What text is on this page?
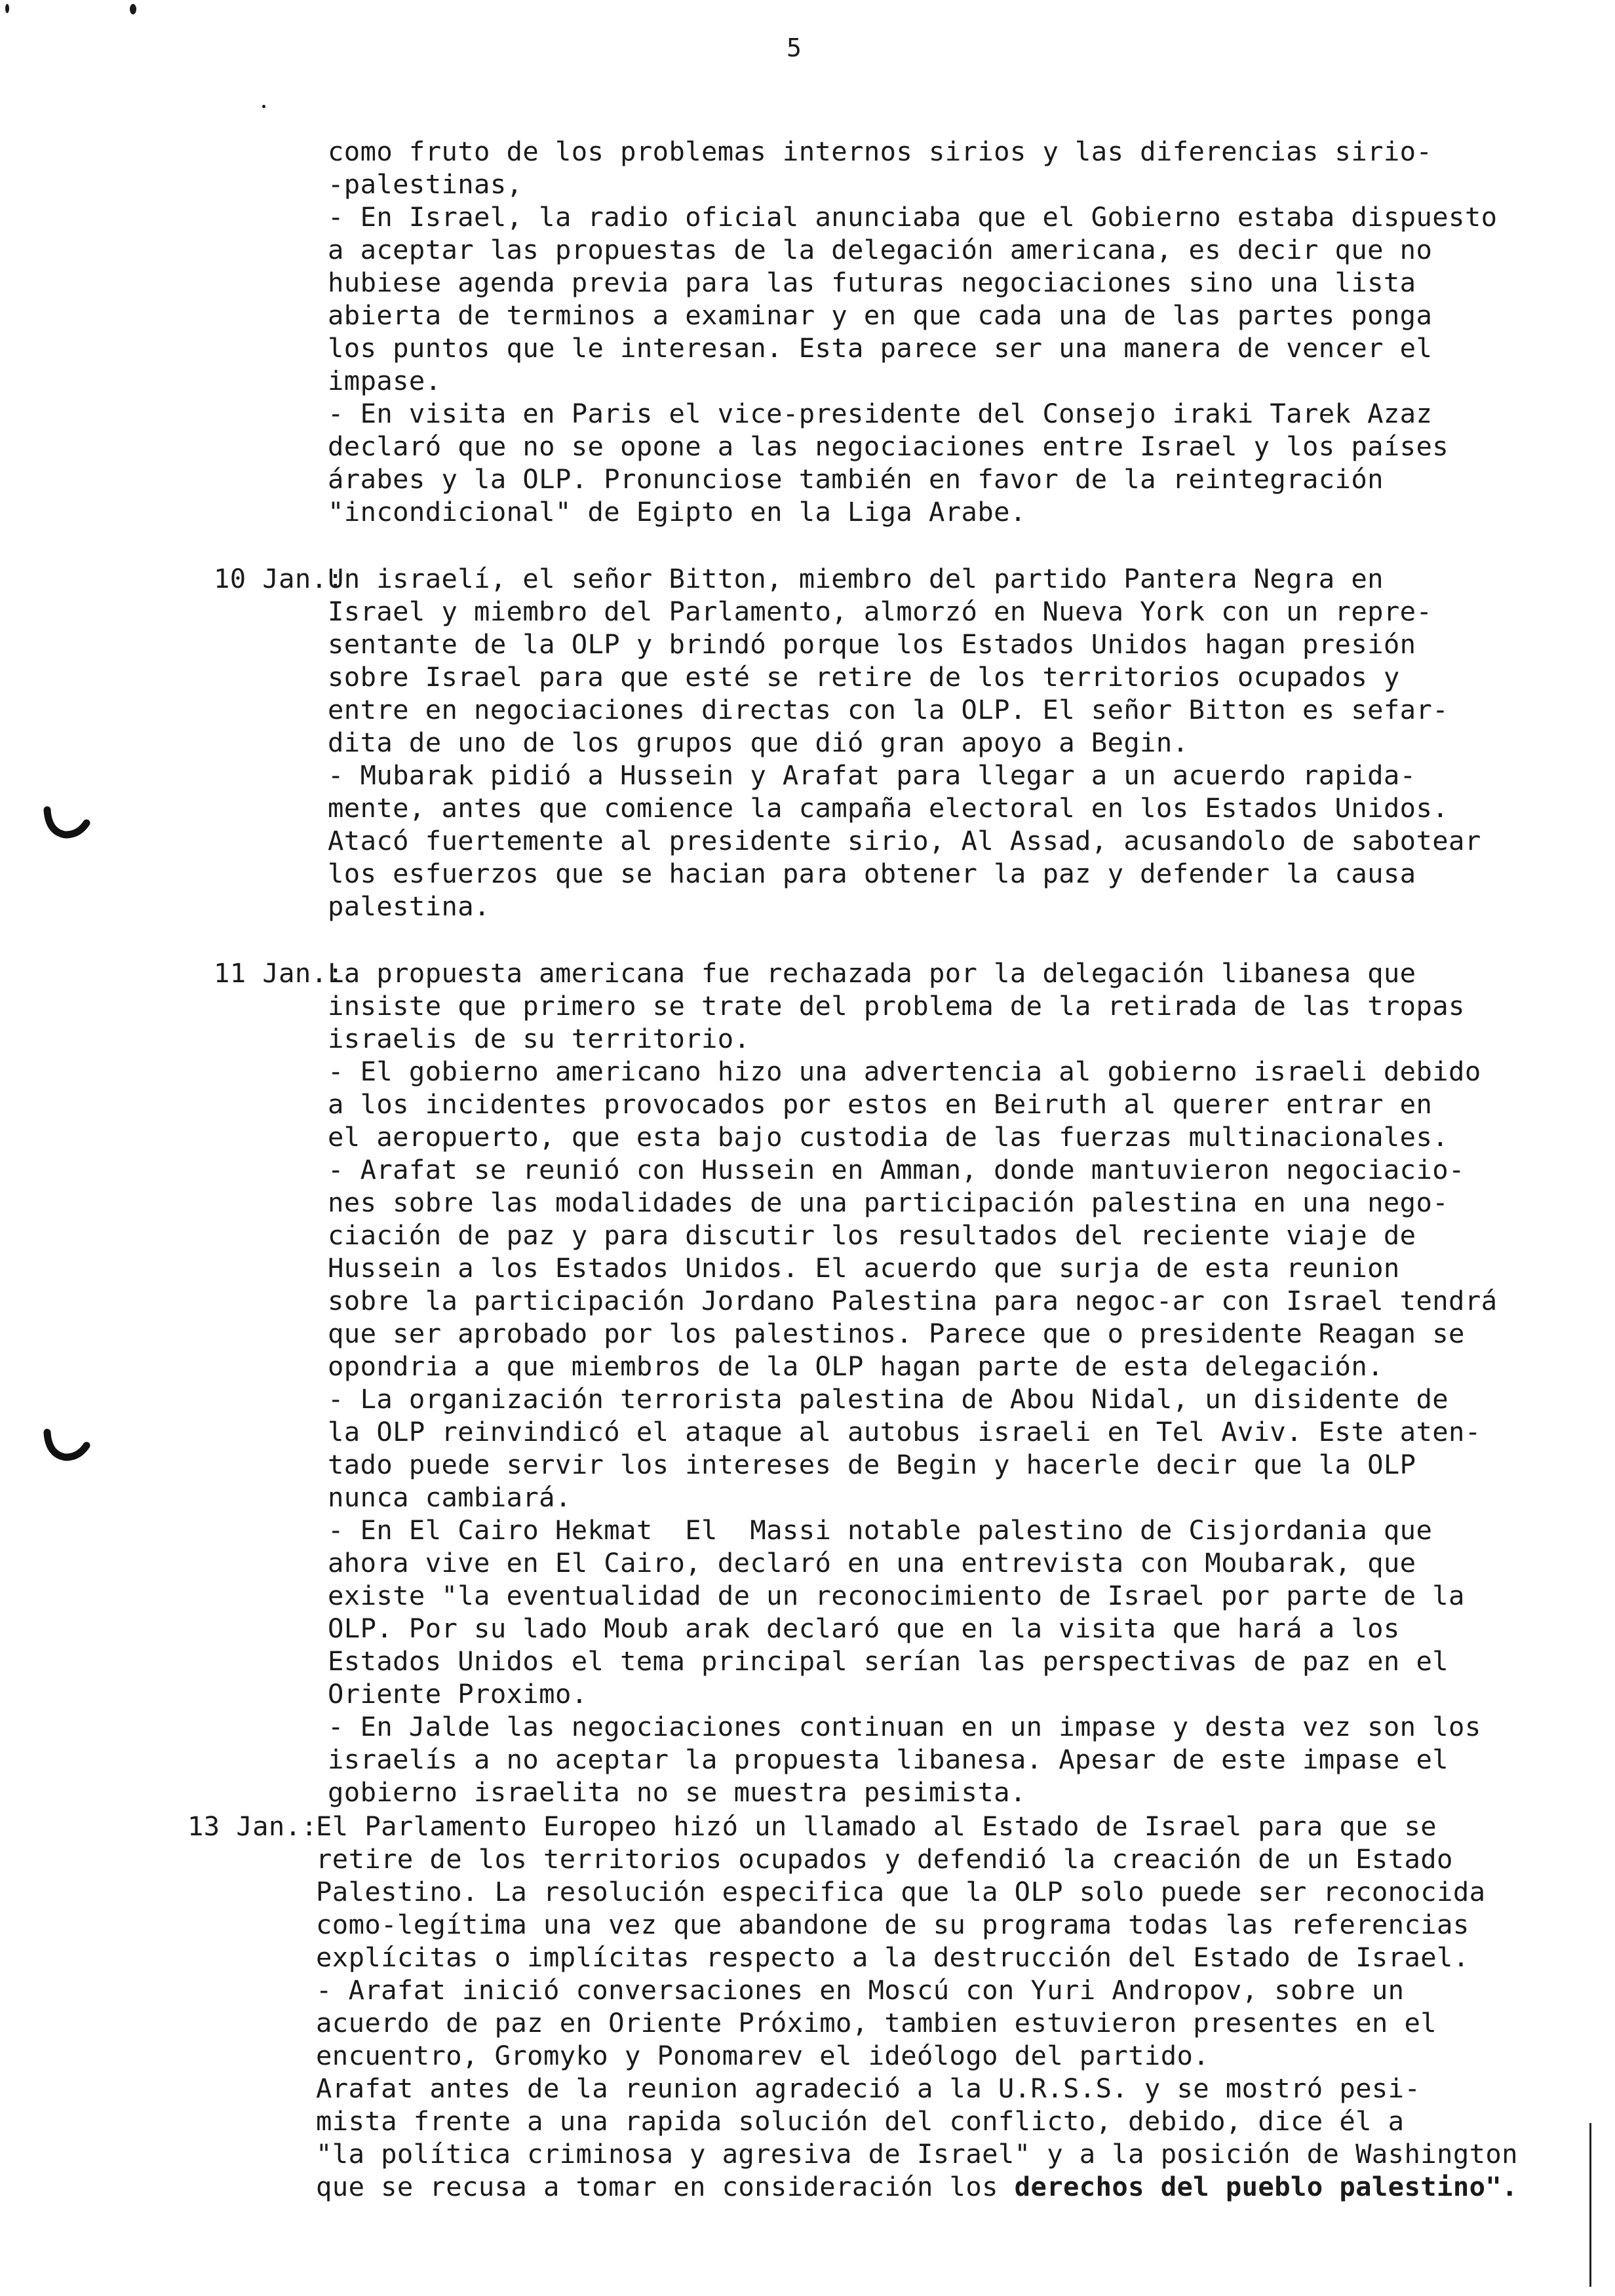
5
como fruto de los problemas internos sirios y las diferencias sirio-
-palestinas,
- En Israel, la radio oficial anunciaba que el Gobierno estaba dispuesto
a aceptar las propuestas de la delegación americana, es decir que no
hubiese agenda previa para las futuras negociaciones sino una lista
abierta de terminos a examinar y en que cada una de las partes ponga
los puntos que le interesan. Esta parece ser una manera de vencer el
impase.
- En visita en Paris el vice-presidente del Consejo iraki Tarek Azaz
declaró que no se opone a las negociaciones entre Israel y los países
árabes y la OLP. Pronunciose también en favor de la reintegración
"incondicional" de Egipto en la Liga Arabe.
10 Jan.:
Un israelí, el señor Bitton, miembro del partido Pantera Negra en
Israel y miembro del Parlamento, almorzó en Nueva York con un repre-
sentante de la OLP y brindó porque los Estados Unidos hagan presión
sobre Israel para que esté se retire de los territorios ocupados y
entre en negociaciones directas con la OLP. El señor Bitton es sefar-
dita de uno de los grupos que dió gran apoyo a Begin.
- Mubarak pidió a Hussein y Arafat para llegar a un acuerdo rapida-
mente, antes que comience la campaña electoral en los Estados Unidos.
Atacó fuertemente al presidente sirio, Al Assad, acusandolo de sabotear
los esfuerzos que se hacian para obtener la paz y defender la causa
palestina.
11 Jan.:
La propuesta americana fue rechazada por la delegación libanesa que
insiste que primero se trate del problema de la retirada de las tropas
israelis de su territorio.
- El gobierno americano hizo una advertencia al gobierno israeli debido
a los incidentes provocados por estos en Beiruth al querer entrar en
el aeropuerto, que esta bajo custodia de las fuerzas multinacionales.
- Arafat se reunió con Hussein en Amman, donde mantuvieron negociacio-
nes sobre las modalidades de una participación palestina en una nego-
ciación de paz y para discutir los resultados del reciente viaje de
Hussein a los Estados Unidos. El acuerdo que surja de esta reunion
sobre la participación Jordano Palestina para negoc-ar con Israel tendrá
que ser aprobado por los palestinos. Parece que o presidente Reagan se
opondria a que miembros de la OLP hagan parte de esta delegación.
- La organización terrorista palestina de Abou Nidal, un disidente de
la OLP reinvindicó el ataque al autobus israeli en Tel Aviv. Este aten-
tado puede servir los intereses de Begin y hacerle decir que la OLP
nunca cambiará.
- En El Cairo Hekmat  El  Massi notable palestino de Cisjordania que
ahora vive en El Cairo, declaró en una entrevista con Moubarak, que
existe "la eventualidad de un reconocimiento de Israel por parte de la
OLP. Por su lado Moub arak declaró que en la visita que hará a los
Estados Unidos el tema principal serían las perspectivas de paz en el
Oriente Proximo.
- En Jalde las negociaciones continuan en un impase y desta vez son los
israelís a no aceptar la propuesta libanesa. Apesar de este impase el
gobierno israelita no se muestra pesimista.
13 Jan.:
El Parlamento Europeo hizó un llamado al Estado de Israel para que se
retire de los territorios ocupados y defendió la creación de un Estado
Palestino. La resolución especifica que la OLP solo puede ser reconocida
como-legítima una vez que abandone de su programa todas las referencias
explícitas o implícitas respecto a la destrucción del Estado de Israel.
- Arafat inició conversaciones en Moscú con Yuri Andropov, sobre un
acuerdo de paz en Oriente Próximo, tambien estuvieron presentes en el
encuentro, Gromyko y Ponomarev el ideólogo del partido.
Arafat antes de la reunion agradeció a la U.R.S.S. y se mostró pesi-
mista frente a una rapida solución del conflicto, debido, dice él a
"la política criminosa y agresiva de Israel" y a la posición de Washington
que se recusa a tomar en consideración los derechos del pueblo palestino".
